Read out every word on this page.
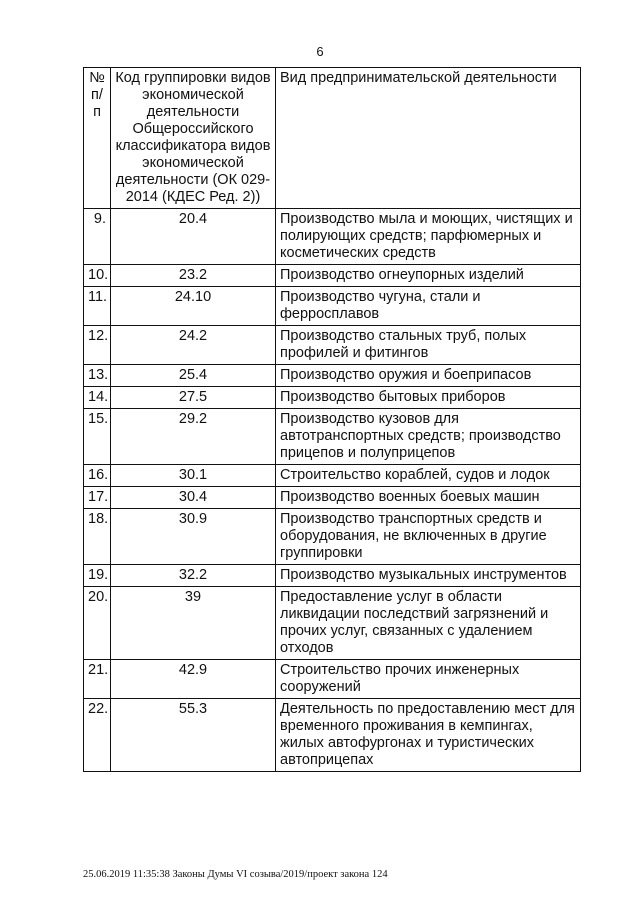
6
№ п/п	Код группировки видов экономической деятельности Общероссийского классификатора видов экономической деятельности (ОК 029-2014 (КДЕС Ред. 2))	Вид предпринимательской деятельности
9.	20.4	Производство мыла и моющих, чистящих и полирующих средств; парфюмерных и косметических средств
10.	23.2	Производство огнеупорных изделий
11.	24.10	Производство чугуна, стали и ферросплавов
12.	24.2	Производство стальных труб, полых профилей и фитингов
13.	25.4	Производство оружия и боеприпасов
14.	27.5	Производство бытовых приборов
15.	29.2	Производство кузовов для автотранспортных средств; производство прицепов и полуприцепов
16.	30.1	Строительство кораблей, судов и лодок
17.	30.4	Производство военных боевых машин
18.	30.9	Производство транспортных средств и оборудования, не включенных в другие группировки
19.	32.2	Производство музыкальных инструментов
20.	39	Предоставление услуг в области ликвидации последствий загрязнений и прочих услуг, связанных с удалением отходов
21.	42.9	Строительство прочих инженерных сооружений
22.	55.3	Деятельность по предоставлению мест для временного проживания в кемпингах, жилых автофургонах и туристических автоприцепах
25.06.2019 11:35:38 Законы Думы VI созыва/2019/проект закона 124
